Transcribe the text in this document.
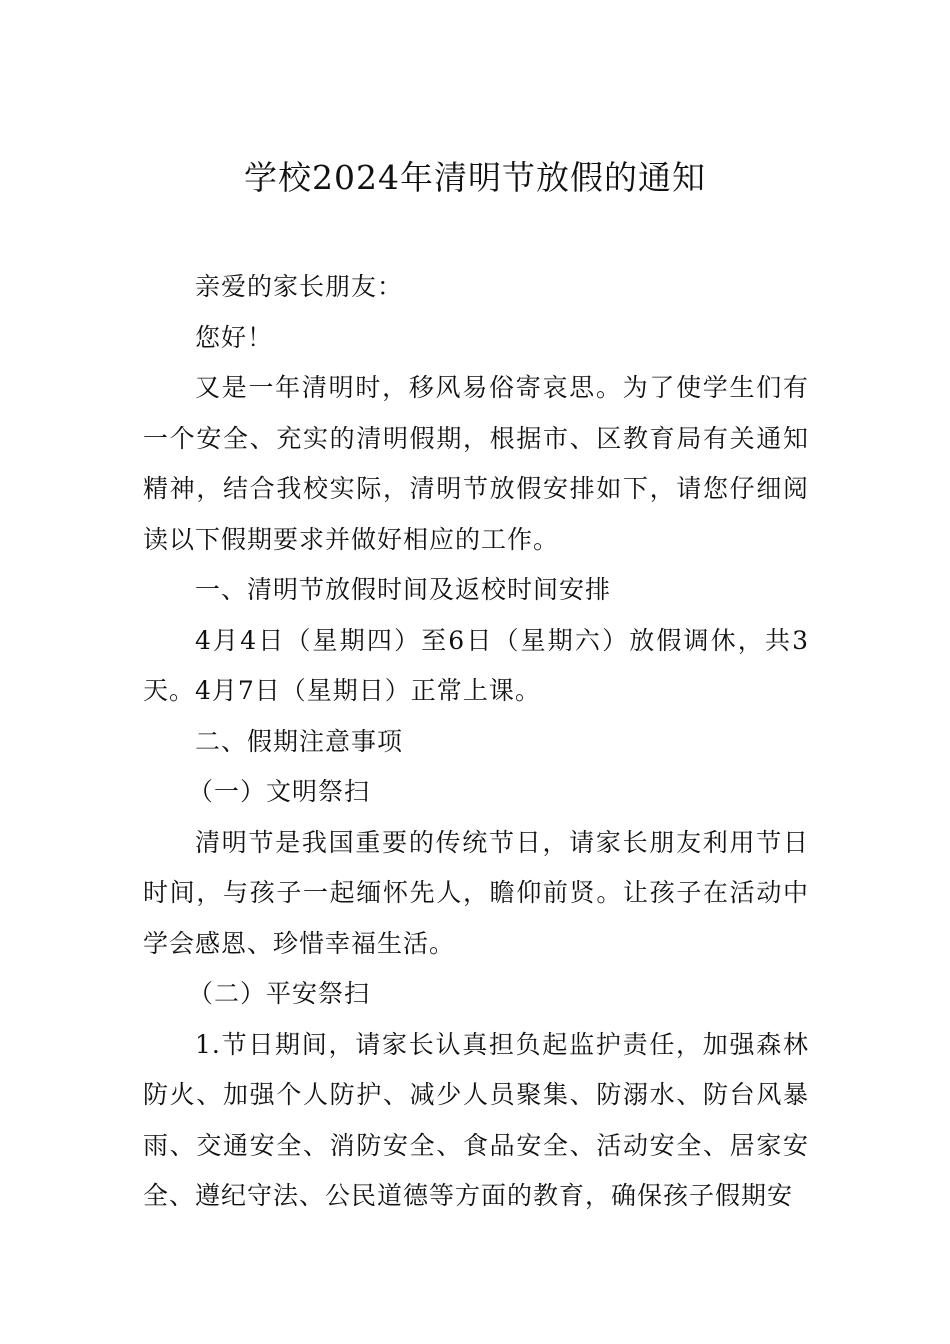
学校2024年清明节放假的通知

亲爱的家长朋友：

您好！

又是一年清明时，移风易俗寄哀思。为了使学生们有一个安全、充实的清明假期，根据市、区教育局有关通知精神，结合我校实际，清明节放假安排如下，请您仔细阅读以下假期要求并做好相应的工作。

一、清明节放假时间及返校时间安排

4月4日（星期四）至6日（星期六）放假调休，共3天。4月7日（星期日）正常上课。

二、假期注意事项

（一）文明祭扫

清明节是我国重要的传统节日，请家长朋友利用节日时间，与孩子一起缅怀先人，瞻仰前贤。让孩子在活动中学会感恩、珍惜幸福生活。

（二）平安祭扫

1.节日期间，请家长认真担负起监护责任，加强森林防火、加强个人防护、减少人员聚集、防溺水、防台风暴雨、交通安全、消防安全、食品安全、活动安全、居家安全、遵纪守法、公民道德等方面的教育，确保孩子假期安
